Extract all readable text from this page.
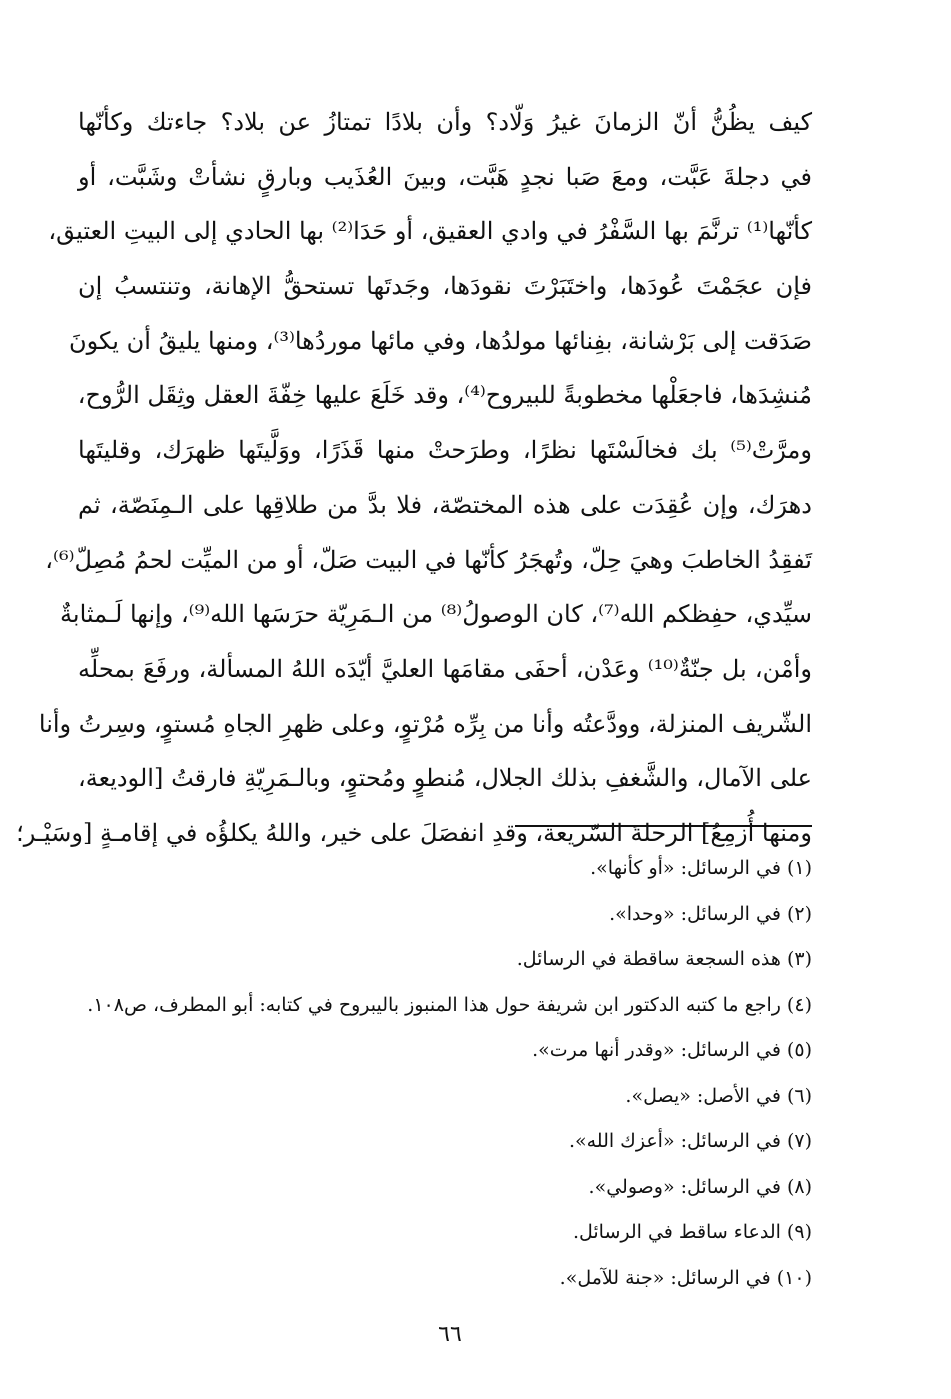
كيف يظُنُّ أنّ الزمانَ غيرُ وَلّاد؟ وأن بلادًا تمتازُ عن بلاد؟ جاءتك وكأنّها
في دجلةَ عَبَّت، ومعَ صَبا نجدٍ هَبَّت، وبينَ العُذَيب وبارقٍ نشأتْ وشَبَّت، أو
كأنّها⁽¹⁾ ترنَّمَ بها السَّفْرُ في وادي العقيق، أو حَدَا⁽²⁾ بها الحادي إلى البيتِ العتيق،
فإن عجَمْتَ عُودَها، واختَبَرْتَ نقودَها، وجَدتَها تستحقُّ الإهانة، وتنتسبُ إن
صَدَقت إلى بَرْشانة، بفِنائها مولدُها، وفي مائها موردُها⁽³⁾، ومنها يليقُ أن يكونَ
مُنشِدَها، فاجعَلْها مخطوبةً للبيروح⁽⁴⁾، وقد خَلَعَ عليها خِفّةَ العقل وثِقَل الرُّوح،
ومرَّتْ⁽⁵⁾ بك فخالَسْتَها نظرًا، وطرَحتْ منها قَذَرًا، ووَلَّيتَها ظهرَك، وقليتَها
دهرَك، وإن عُقِدَت على هذه المختصّة، فلا بدَّ من طلاقِها على الـمِنَصّة، ثم
تَفقِدُ الخاطبَ وهيَ حِلّ، وتُهجَرُ كأنّها في البيت صَلّ، أو من الميِّت لحمُ مُصِلّ⁽⁶⁾،
سيِّدي، حفِظكم الله⁽⁷⁾، كان الوصولُ⁽⁸⁾ من الـمَرِيّة حرَسَها الله⁽⁹⁾، وإنها لَـمثابةٌ
وأمْن، بل جنّةٌ⁽¹⁰⁾ وعَدْن، أحفَى مقامَها العليَّ أيّدَه اللهُ المسألة، ورفَعَ بمحلِّه
الشّريف المنزلة، وودَّعتُه وأنا من بِرِّه مُرْتوٍ، وعلى ظهرِ الجاهِ مُستوٍ، وسِرتُ وأنا
على الآمال، والشَّغفِ بذلك الجلال، مُنطوٍ ومُحتوٍ، وبالـمَرِيّةِ فارقتُ [الوديعة،
ومنها أُزمِعُ] الرحلةَ السّريعة، وقدِ انفصَلَ على خير، واللهُ يكلؤُه في إقامـةٍ [وسَيْـر؛
(١) في الرسائل: «أو كأنها».
(٢) في الرسائل: «وحدا».
(٣) هذه السجعة ساقطة في الرسائل.
(٤) راجع ما كتبه الدكتور ابن شريفة حول هذا المنبوز باليبروح في كتابه: أبو المطرف، ص١٠٨.
(٥) في الرسائل: «وقدر أنها مرت».
(٦) في الأصل: «يصل».
(٧) في الرسائل: «أعزك الله».
(٨) في الرسائل: «وصولي».
(٩) الدعاء ساقط في الرسائل.
(١٠) في الرسائل: «جنة للآمل».
٦٦
